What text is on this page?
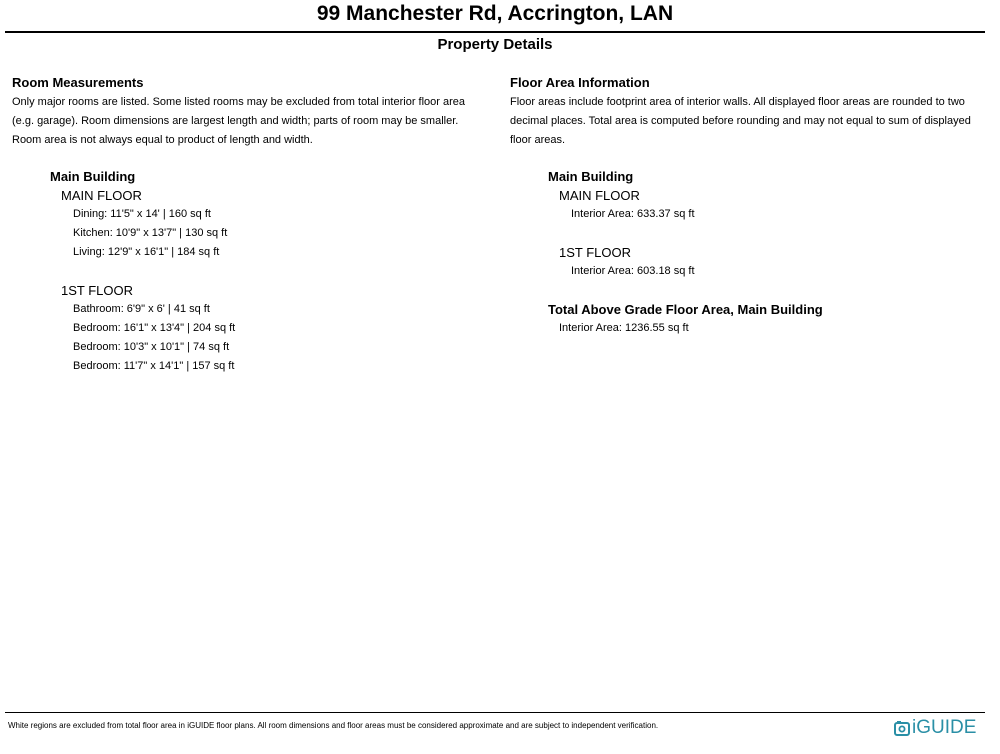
99 Manchester Rd, Accrington, LAN
Property Details
Room Measurements

Only major rooms are listed. Some listed rooms may be excluded from total interior floor area (e.g. garage). Room dimensions are largest length and width; parts of room may be smaller. Room area is not always equal to product of length and width.

Main Building
MAIN FLOOR
Dining: 11'5" x 14' | 160 sq ft
Kitchen: 10'9" x 13'7" | 130 sq ft
Living: 12'9" x 16'1" | 184 sq ft
1ST FLOOR
Bathroom: 6'9" x 6' | 41 sq ft
Bedroom: 16'1" x 13'4" | 204 sq ft
Bedroom: 10'3" x 10'1" | 74 sq ft
Bedroom: 11'7" x 14'1" | 157 sq ft
Floor Area Information

Floor areas include footprint area of interior walls. All displayed floor areas are rounded to two decimal places. Total area is computed before rounding and may not equal to sum of displayed floor areas.

Main Building
MAIN FLOOR
Interior Area: 633.37 sq ft
1ST FLOOR
Interior Area: 603.18 sq ft
Total Above Grade Floor Area, Main Building
Interior Area: 1236.55 sq ft
White regions are excluded from total floor area in iGUIDE floor plans. All room dimensions and floor areas must be considered approximate and are subject to independent verification.	iGUIDE
